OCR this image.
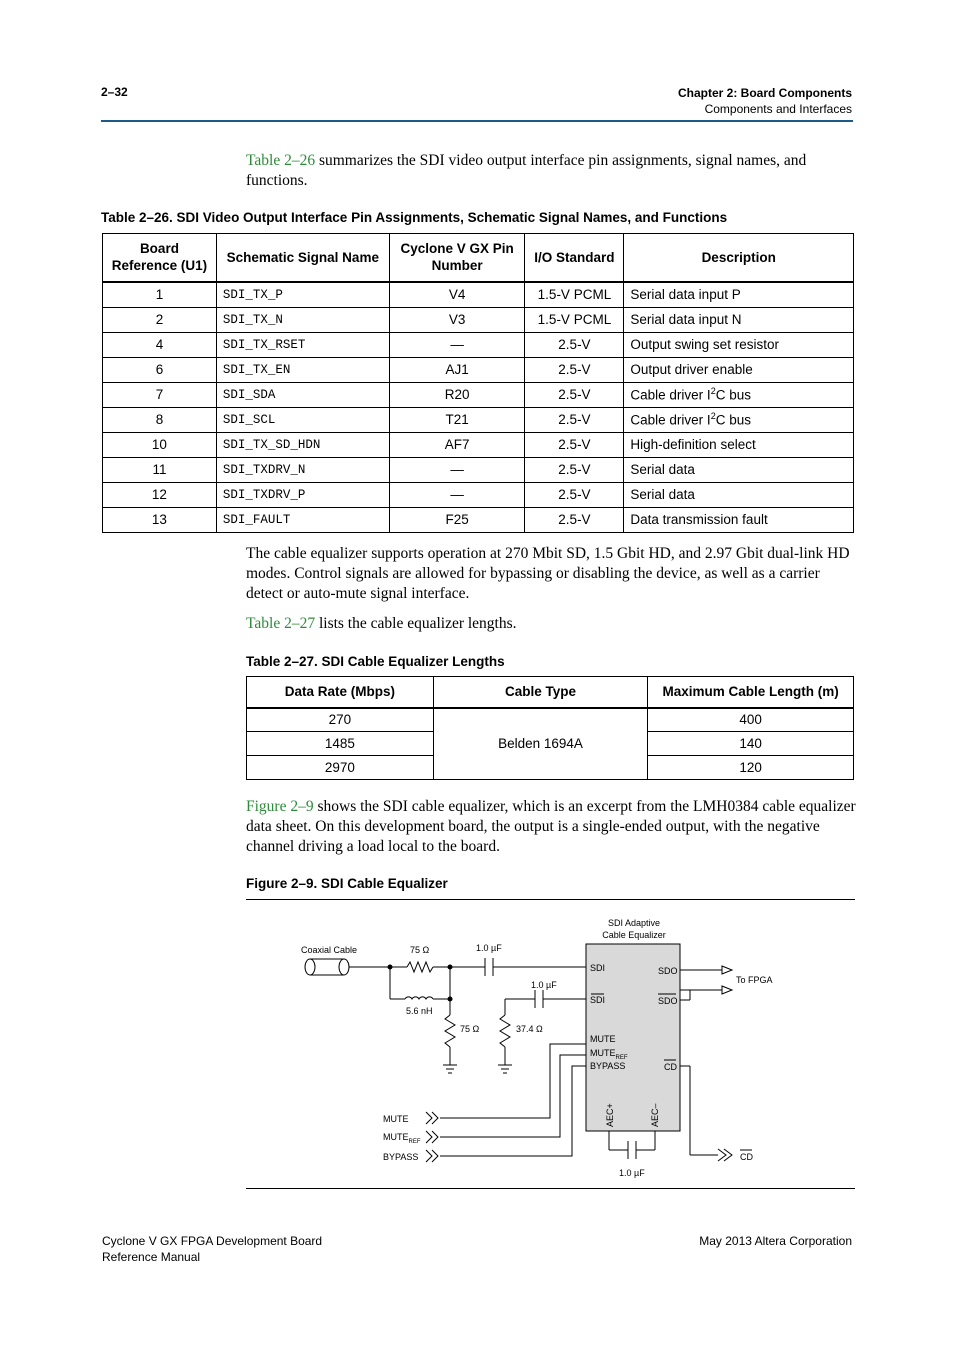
2–32	Chapter 2: Board Components
Components and Interfaces
Table 2–26 summarizes the SDI video output interface pin assignments, signal names, and functions.
Table 2–26. SDI Video Output Interface Pin Assignments, Schematic Signal Names, and Functions
Board Reference (U1)	Schematic Signal Name	Cyclone V GX Pin Number	I/O Standard	Description
1	SDI_TX_P	V4	1.5-V PCML	Serial data input P
2	SDI_TX_N	V3	1.5-V PCML	Serial data input N
4	SDI_TX_RSET	—	2.5-V	Output swing set resistor
6	SDI_TX_EN	AJ1	2.5-V	Output driver enable
7	SDI_SDA	R20	2.5-V	Cable driver $I^2C$ bus
8	SDI_SCL	T21	2.5-V	Cable driver $I^2C$ bus
10	SDI_TX_SD_HDN	AF7	2.5-V	High-definition select
11	SDI_TXDRV_N	—	2.5-V	Serial data
12	SDI_TXDRV_P	—	2.5-V	Serial data
13	SDI_FAULT	F25	2.5-V	Data transmission fault
The cable equalizer supports operation at 270 Mbit SD, 1.5 Gbit HD, and 2.97 Gbit dual-link HD modes. Control signals are allowed for bypassing or disabling the device, as well as a carrier detect or auto-mute signal interface.
Table 2–27 lists the cable equalizer lengths.
Table 2–27. SDI Cable Equalizer Lengths
Data Rate (Mbps)	Cable Type	Maximum Cable Length (m)
270	Belden 1694A	400
1485		140
2970		120
Figure 2–9 shows the SDI cable equalizer, which is an excerpt from the LMH0384 cable equalizer data sheet. On this development board, the output is a single-ended output, with the negative channel driving a load local to the board.
Figure 2–9. SDI Cable Equalizer
SDI Adaptive
Cable Equalizer
Coaxial Cable	75 Ω	1.0 µF
1.0 µF
5.6 nH
75 Ω	37.4 Ω
SDI
SDI
MUTE
$MUTE_{REF}$
BYPASS
SDO
SDO
CD
AEC+	AEC–
1.0 µF
To FPGA
MUTE
$MUTE_{REF}$
BYPASS	CD
Cyclone V GX FPGA Development Board
Reference Manual
May 2013 Altera Corporation
